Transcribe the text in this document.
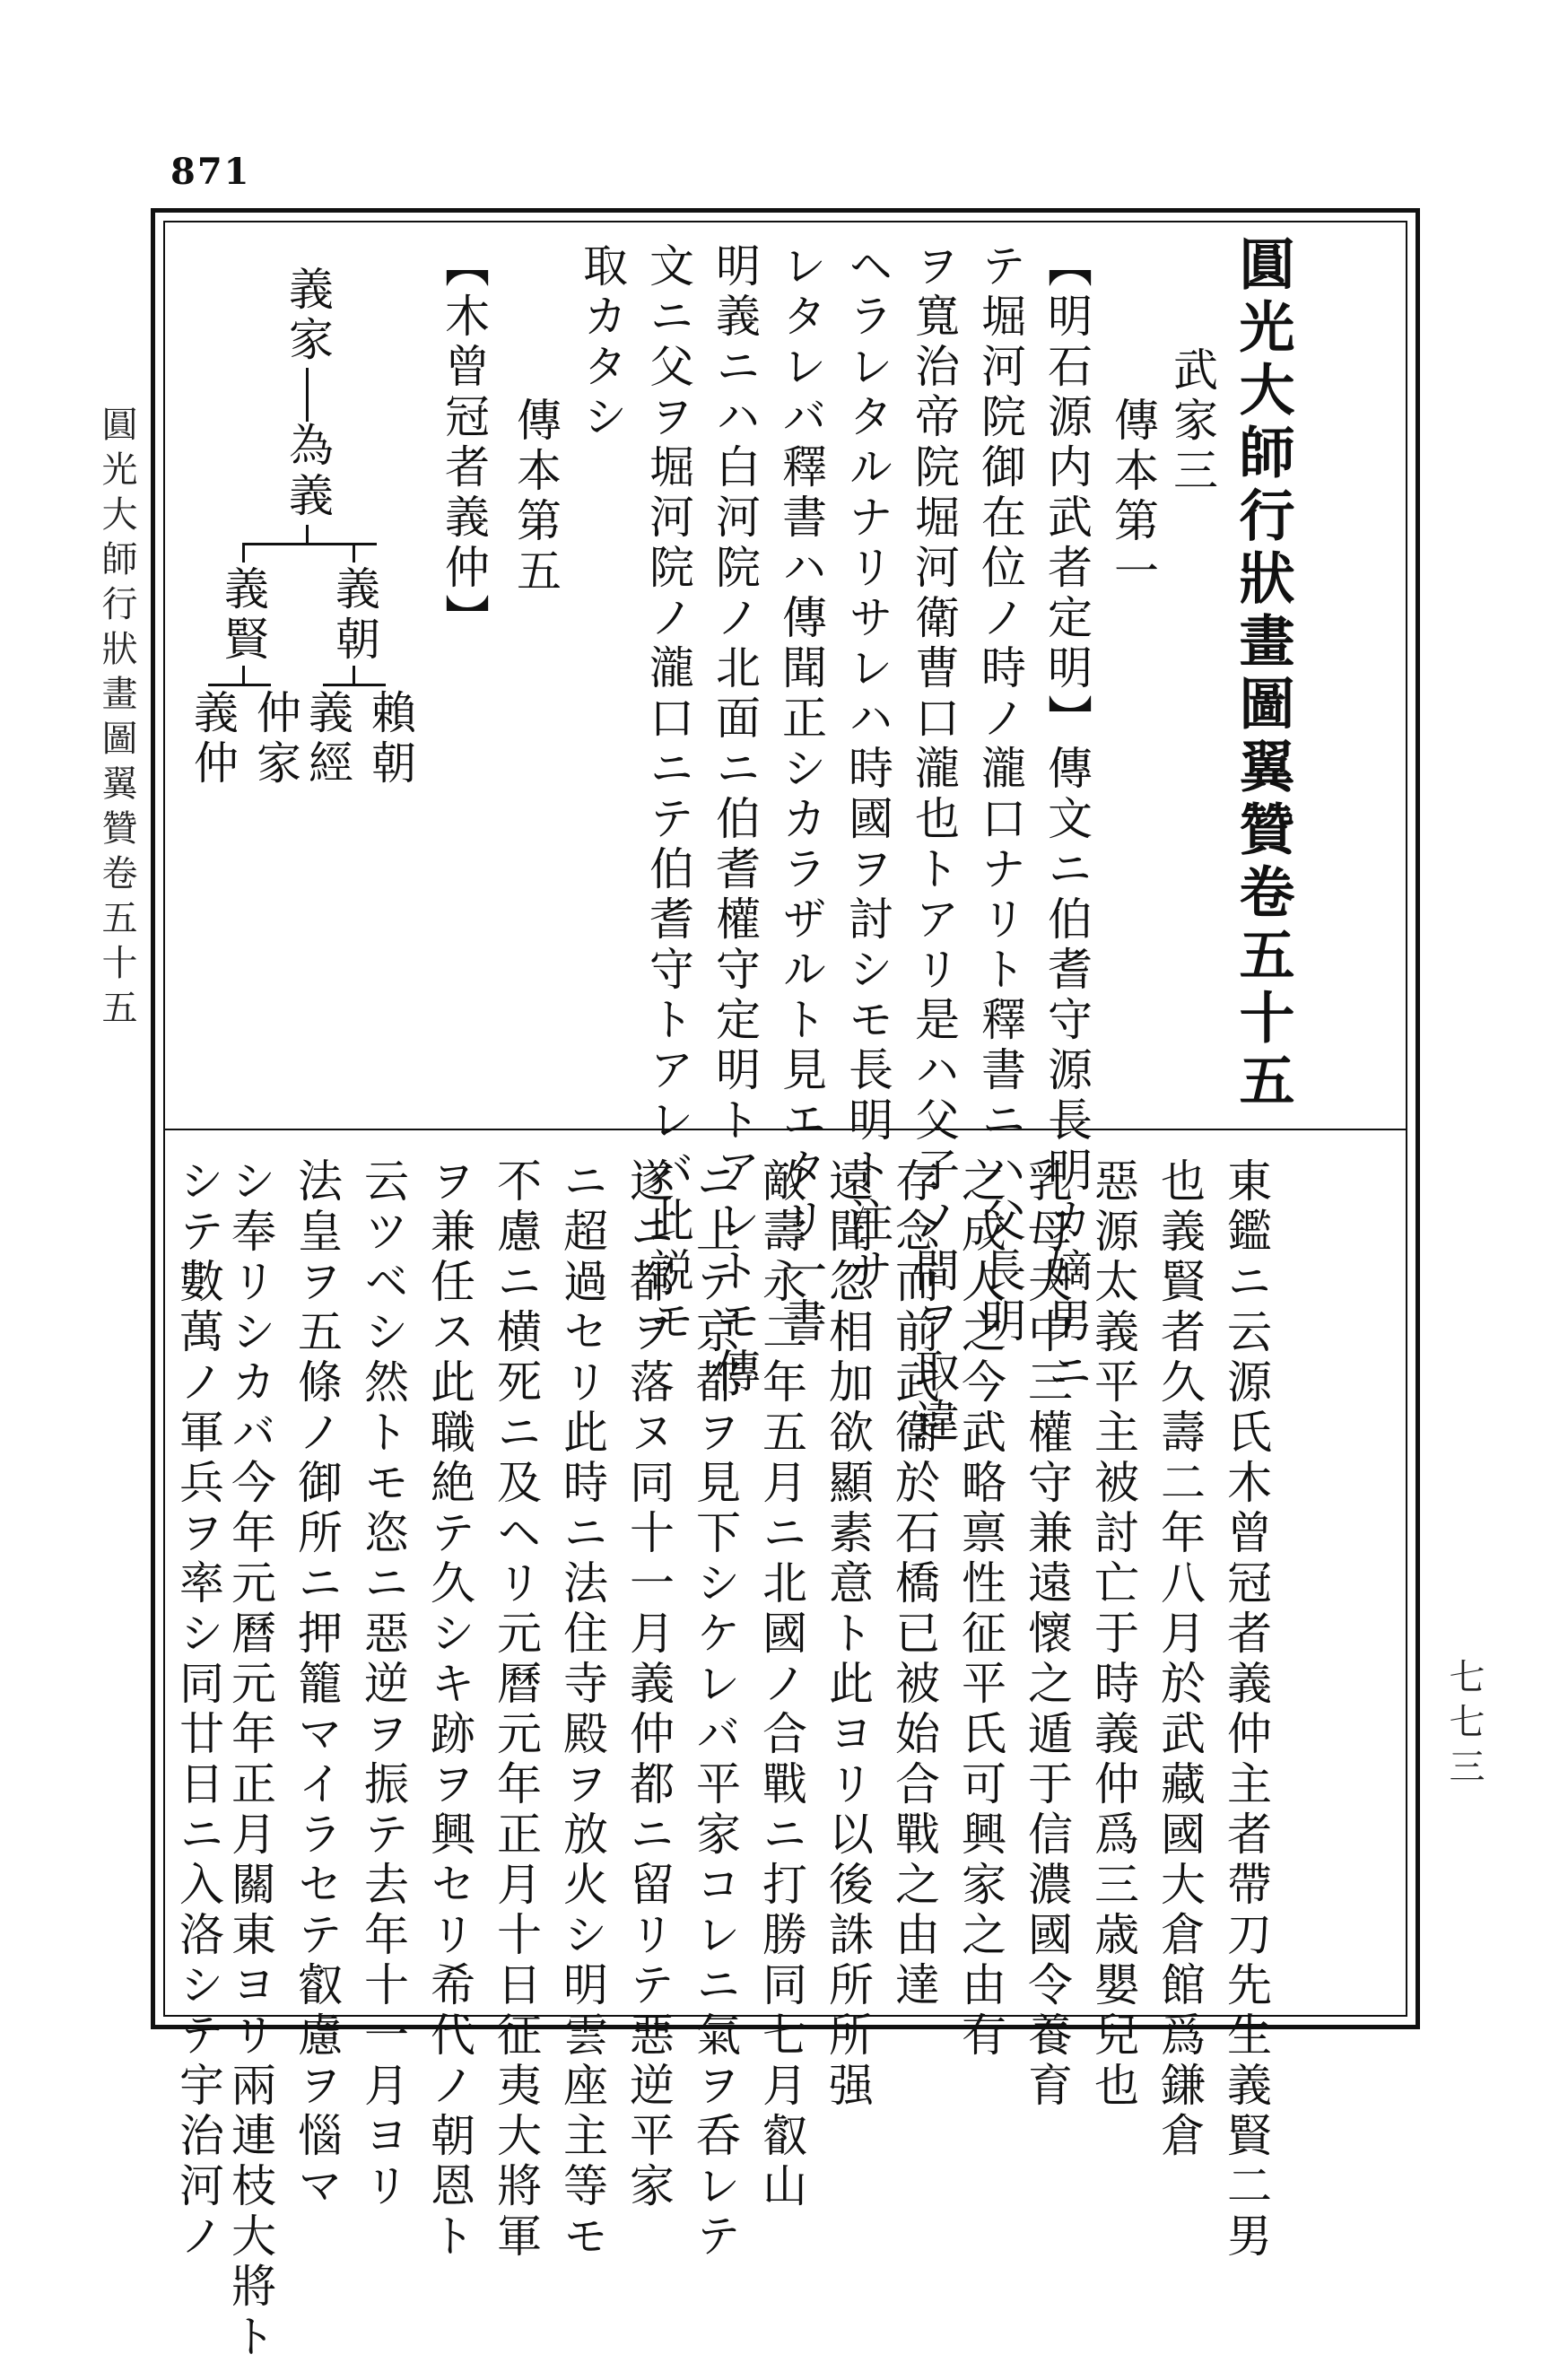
871
圓光大師行狀畫圖翼贊卷五十五
七七三
圓光大師行狀畫圖翼贊卷五十五
　武家三
　　傳本第一
【明石源内武者定明】傳文ニ伯耆守源長明カ嫡男ニ
テ堀河院御在位ノ時ノ瀧口ナリト釋書ニハ父長明
ヲ寬治帝院堀河衛曹口瀧也トアリ是ハ父子ノ間ヲ取違
ヘラレタルナリサレハ時國ヲ討シモ長明ト注サ
レタレバ釋書ハ傳聞正シカラザルト見エタリ一書
明義ニハ白河院ノ北面ニ伯耆權守定明トアレトモ傳
文ニ父ヲ堀河院ノ瀧口ニテ伯耆守トアレバ此説モ
取カタシ
　　傳本第五
【木曾冠者義仲】
義家
為義
義朝
義賢
賴朝
義經
仲家
義仲
東鑑ニ云源氏木曾冠者義仲主者帶刀先生義賢二男
也義賢者久壽二年八月於武藏國大倉館爲鎌倉
惡源太義平主被討亡于時義仲爲三歳嬰兒也
乳母夫中三權守兼遠懷之遁于信濃國令養育
之成人之今武略禀性征平氏可興家之由有
存念而前武衞於石橋已被始合戰之由達
遠聞忽相加欲顯素意ト此ヨリ以後誅所所强
敵壽永二年五月ニ北國ノ合戰ニ打勝同七月叡山
ニ上テ京都ヲ見下シケレバ平家コレニ氣ヲ呑レテ
遂ニ都ヲ落ヌ同十一月義仲都ニ留リテ惡逆平家
ニ超過セリ此時ニ法住寺殿ヲ放火シ明雲座主等モ
不慮ニ横死ニ及ヘリ元曆元年正月十日征夷大將軍
ヲ兼任ス此職絶テ久シキ跡ヲ興セリ希代ノ朝恩ト
云ツベシ然トモ恣ニ惡逆ヲ振テ去年十一月ヨリ
法皇ヲ五條ノ御所ニ押籠マイラセテ叡慮ヲ惱マ
シ奉リシカバ今年元曆元年正月關東ヨリ兩連枝大將ト
シテ數萬ノ軍兵ヲ率シ同廿日ニ入洛シテ宇治河ノ
